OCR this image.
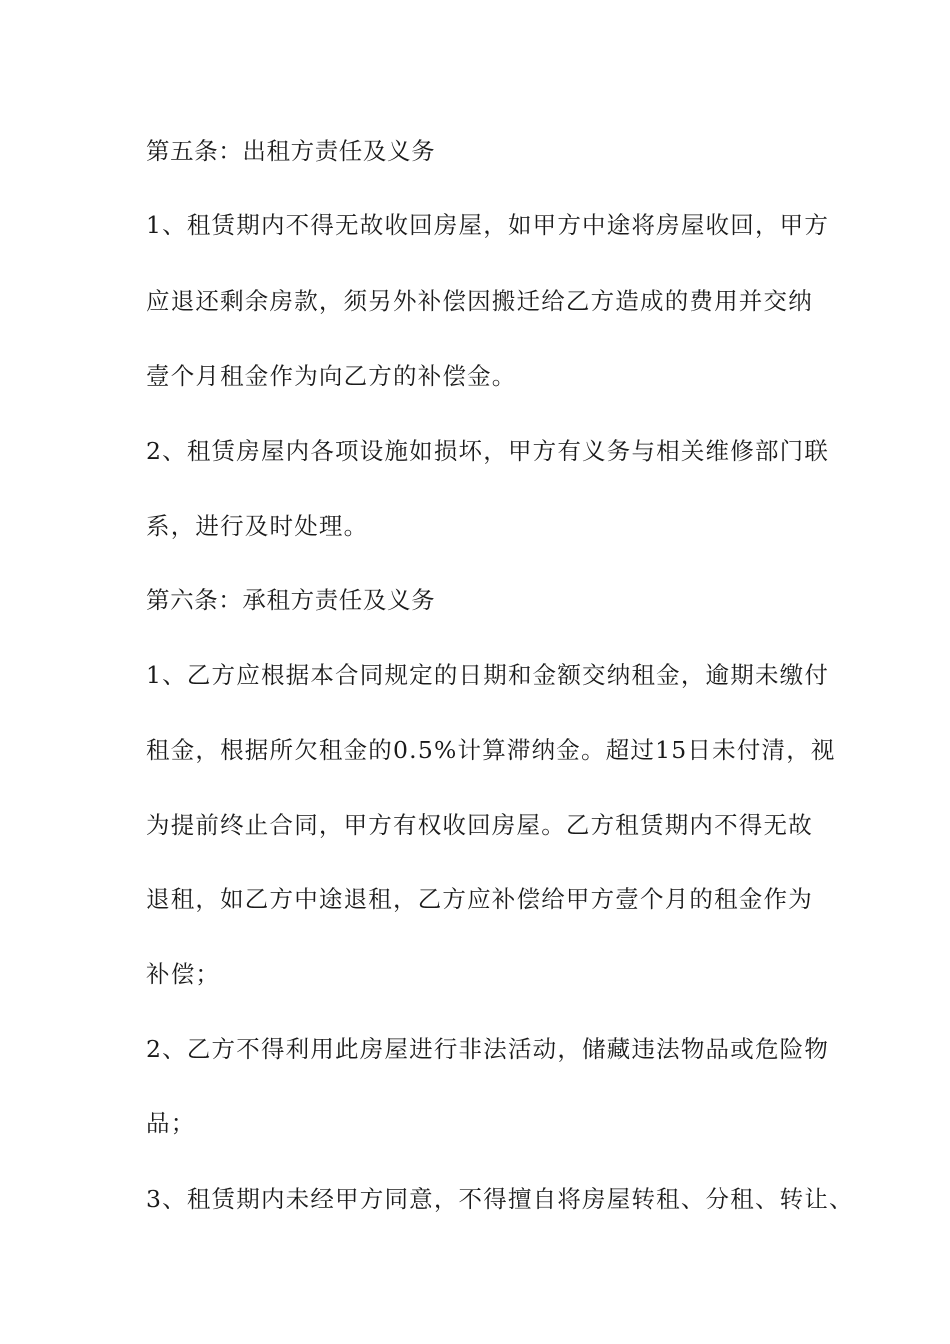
第五条：出租方责任及义务
1、租赁期内不得无故收回房屋，如甲方中途将房屋收回，甲方
应退还剩余房款，须另外补偿因搬迁给乙方造成的费用并交纳
壹个月租金作为向乙方的补偿金。
2、租赁房屋内各项设施如损坏，甲方有义务与相关维修部门联
系，进行及时处理。
第六条：承租方责任及义务
1、乙方应根据本合同规定的日期和金额交纳租金，逾期未缴付
租金，根据所欠租金的0.5%计算滞纳金。超过15日未付清，视
为提前终止合同，甲方有权收回房屋。乙方租赁期内不得无故
退租，如乙方中途退租，乙方应补偿给甲方壹个月的租金作为
补偿；
2、乙方不得利用此房屋进行非法活动，储藏违法物品或危险物
品；
3、租赁期内未经甲方同意，不得擅自将房屋转租、分租、转让、
